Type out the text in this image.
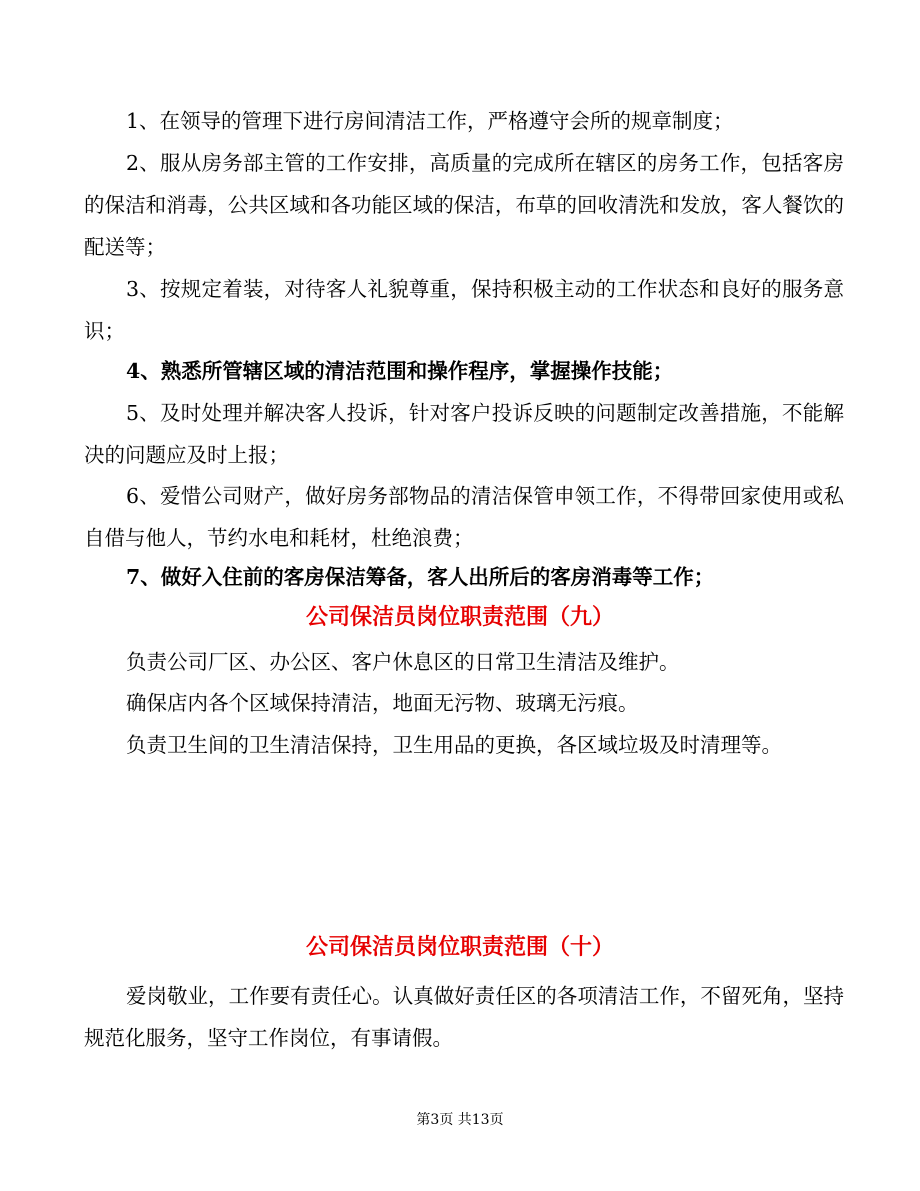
1、在领导的管理下进行房间清洁工作，严格遵守会所的规章制度；

2、服从房务部主管的工作安排，高质量的完成所在辖区的房务工作，包括客房的保洁和消毒，公共区域和各功能区域的保洁，布草的回收清洗和发放，客人餐饮的配送等；

3、按规定着装，对待客人礼貌尊重，保持积极主动的工作状态和良好的服务意识；

4、熟悉所管辖区域的清洁范围和操作程序，掌握操作技能；

5、及时处理并解决客人投诉，针对客户投诉反映的问题制定改善措施，不能解决的问题应及时上报；

6、爱惜公司财产，做好房务部物品的清洁保管申领工作，不得带回家使用或私自借与他人，节约水电和耗材，杜绝浪费；

7、做好入住前的客房保洁筹备，客人出所后的客房消毒等工作；

公司保洁员岗位职责范围（九）

负责公司厂区、办公区、客户休息区的日常卫生清洁及维护。

确保店内各个区域保持清洁，地面无污物、玻璃无污痕。

负责卫生间的卫生清洁保持，卫生用品的更换，各区域垃圾及时清理等。

公司保洁员岗位职责范围（十）

爱岗敬业，工作要有责任心。认真做好责任区的各项清洁工作，不留死角，坚持规范化服务，坚守工作岗位，有事请假。

第3页 共13页
